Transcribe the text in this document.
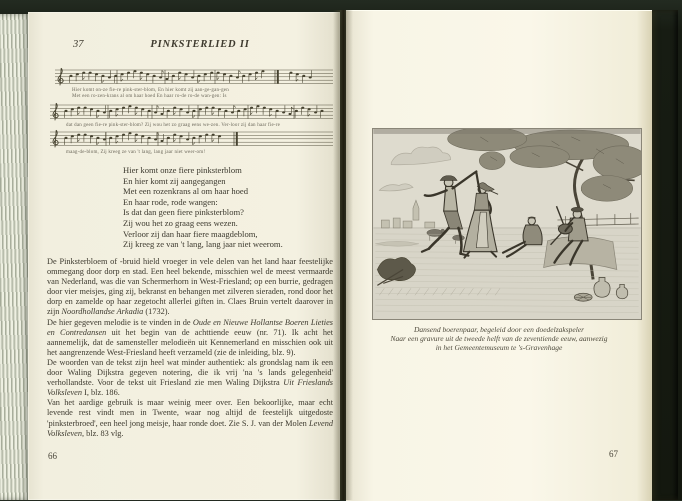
37	PINKSTERLIED II
Hier komt on-ze fie-re pink-ster-blom, En hier komt zij aan-ge-gan-gen
Met een ro-zen-krans al om haar hoed En haar ro-de ro-de wan-gen: Is
dat dan geen fie-re pink-ster-blom? Zij wou het zo graag eens we-zen. Ver-loor zij dan haar fie-re
maag-de-blom, Zij kreeg ze van 't lang, lang jaar niet weer-om!
Hier komt onze fiere pinksterblom
En hier komt zij aangegangen
Met een rozenkrans al om haar hoed
En haar rode, rode wangen:
Is dat dan geen fiere pinksterblom?
Zij wou het zo graag eens wezen.
Verloor zij dan haar fiere maagdeblom,
Zij kreeg ze van 't lang, lang jaar niet weerom.

De Pinksterbloem of -bruid hield vroeger in vele delen van het land haar feestelijke ommegang door dorp en stad. Een heel bekende, misschien wel de meest vermaarde van Nederland, was die van Schermerhorn in West-Friesland; op een burrie, gedragen door vier meisjes, ging zij, bekranst en behangen met zilveren sieraden, rond door het dorp en zamelde op haar zegetocht allerlei giften in. Claes Bruin vertelt daarover in zijn Noordhollandse Arkadia (1732).

De hier gegeven melodie is te vinden in de Oude en Nieuwe Hollantse Boeren Lieties en Contredansen uit het begin van de achttiende eeuw (nr. 71). Ik acht het aannemelijk, dat de samensteller melodieën uit Kennemerland en misschien ook uit het aangrenzende West-Friesland heeft verzameld (zie de inleiding, blz. 9).

De woorden van de tekst zijn heel wat minder authentiek: als grondslag nam ik een door Waling Dijkstra gegeven notering, die ik vrij 'na 's lands gelegenheid' verhollandste. Voor de tekst uit Friesland zie men Waling Dijkstra Uit Frieslands Volksleven I, blz. 186.

Van het aardige gebruik is maar weinig meer over. Een bekoorlijke, maar echt levende rest vindt men in Twente, waar nog altijd de feestelijk uitgedoste 'pinksterbroed', een heel jong meisje, haar ronde doet. Zie S. J. van der Molen Levend Volksleven, blz. 83 vlg.

66
Dansend boerenpaar, begeleid door een doedelzakspeler
Naar een gravure uit de tweede helft van de zeventiende eeuw, aanwezig
in het Gemeentemuseum te 's-Gravenhage
67
